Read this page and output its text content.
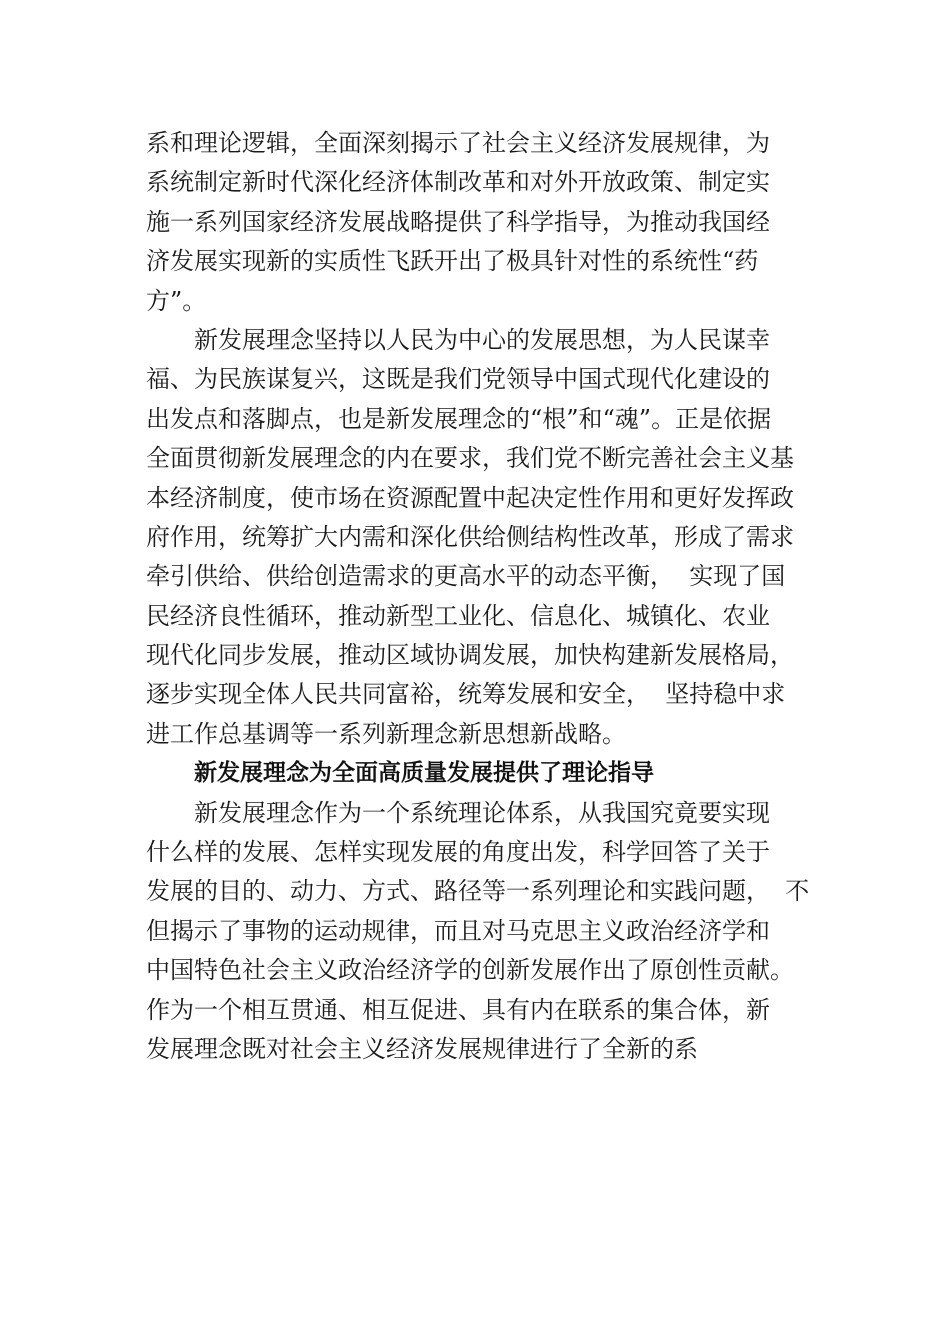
系和理论逻辑，全面深刻揭示了社会主义经济发展规律，为
系统制定新时代深化经济体制改革和对外开放政策、制定实
施一系列国家经济发展战略提供了科学指导，为推动我国经
济发展实现新的实质性飞跃开出了极具针对性的系统性“药
方”。
新发展理念坚持以人民为中心的发展思想，为人民谋幸
福、为民族谋复兴，这既是我们党领导中国式现代化建设的
出发点和落脚点，也是新发展理念的“根”和“魂”。正是依据
全面贯彻新发展理念的内在要求，我们党不断完善社会主义基
本经济制度，使市场在资源配置中起决定性作用和更好发挥政
府作用，统筹扩大内需和深化供给侧结构性改革，形成了需求
牵引供给、供给创造需求的更高水平的动态平衡，  实现了国
民经济良性循环，推动新型工业化、信息化、城镇化、农业
现代化同步发展，推动区域协调发展，加快构建新发展格局，
逐步实现全体人民共同富裕，统筹发展和安全，  坚持稳中求
进工作总基调等一系列新理念新思想新战略。
新发展理念为全面高质量发展提供了理论指导
新发展理念作为一个系统理论体系，从我国究竟要实现
什么样的发展、怎样实现发展的角度出发，科学回答了关于
发展的目的、动力、方式、路径等一系列理论和实践问题，  不
但揭示了事物的运动规律，而且对马克思主义政治经济学和
中国特色社会主义政治经济学的创新发展作出了原创性贡献。
作为一个相互贯通、相互促进、具有内在联系的集合体，新
发展理念既对社会主义经济发展规律进行了全新的系
